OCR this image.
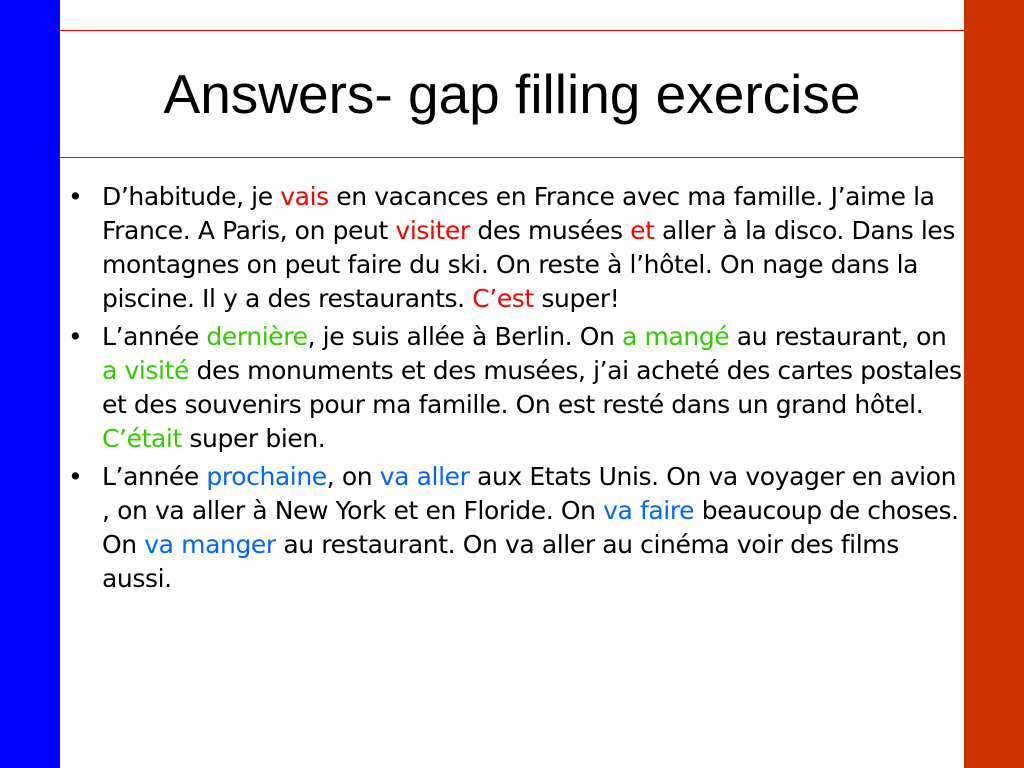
Answers- gap filling exercise
• D’habitude, je vais en vacances en France avec ma famille. J’aime la France. A Paris, on peut visiter des musées et aller à la disco. Dans les montagnes on peut faire du ski. On reste à l’hôtel. On nage dans la piscine. Il y a des restaurants. C’est super!
• L’année dernière, je suis allée à Berlin. On a mangé au restaurant, on a visité des monuments et des musées, j’ai acheté des cartes postales et des souvenirs pour ma famille. On est resté dans un grand hôtel. C’était super bien.
• L’année prochaine, on va aller aux Etats Unis. On va voyager en avion , on va aller à New York et en Floride. On va faire beaucoup de choses. On va manger au restaurant. On va aller au cinéma voir des films aussi.
